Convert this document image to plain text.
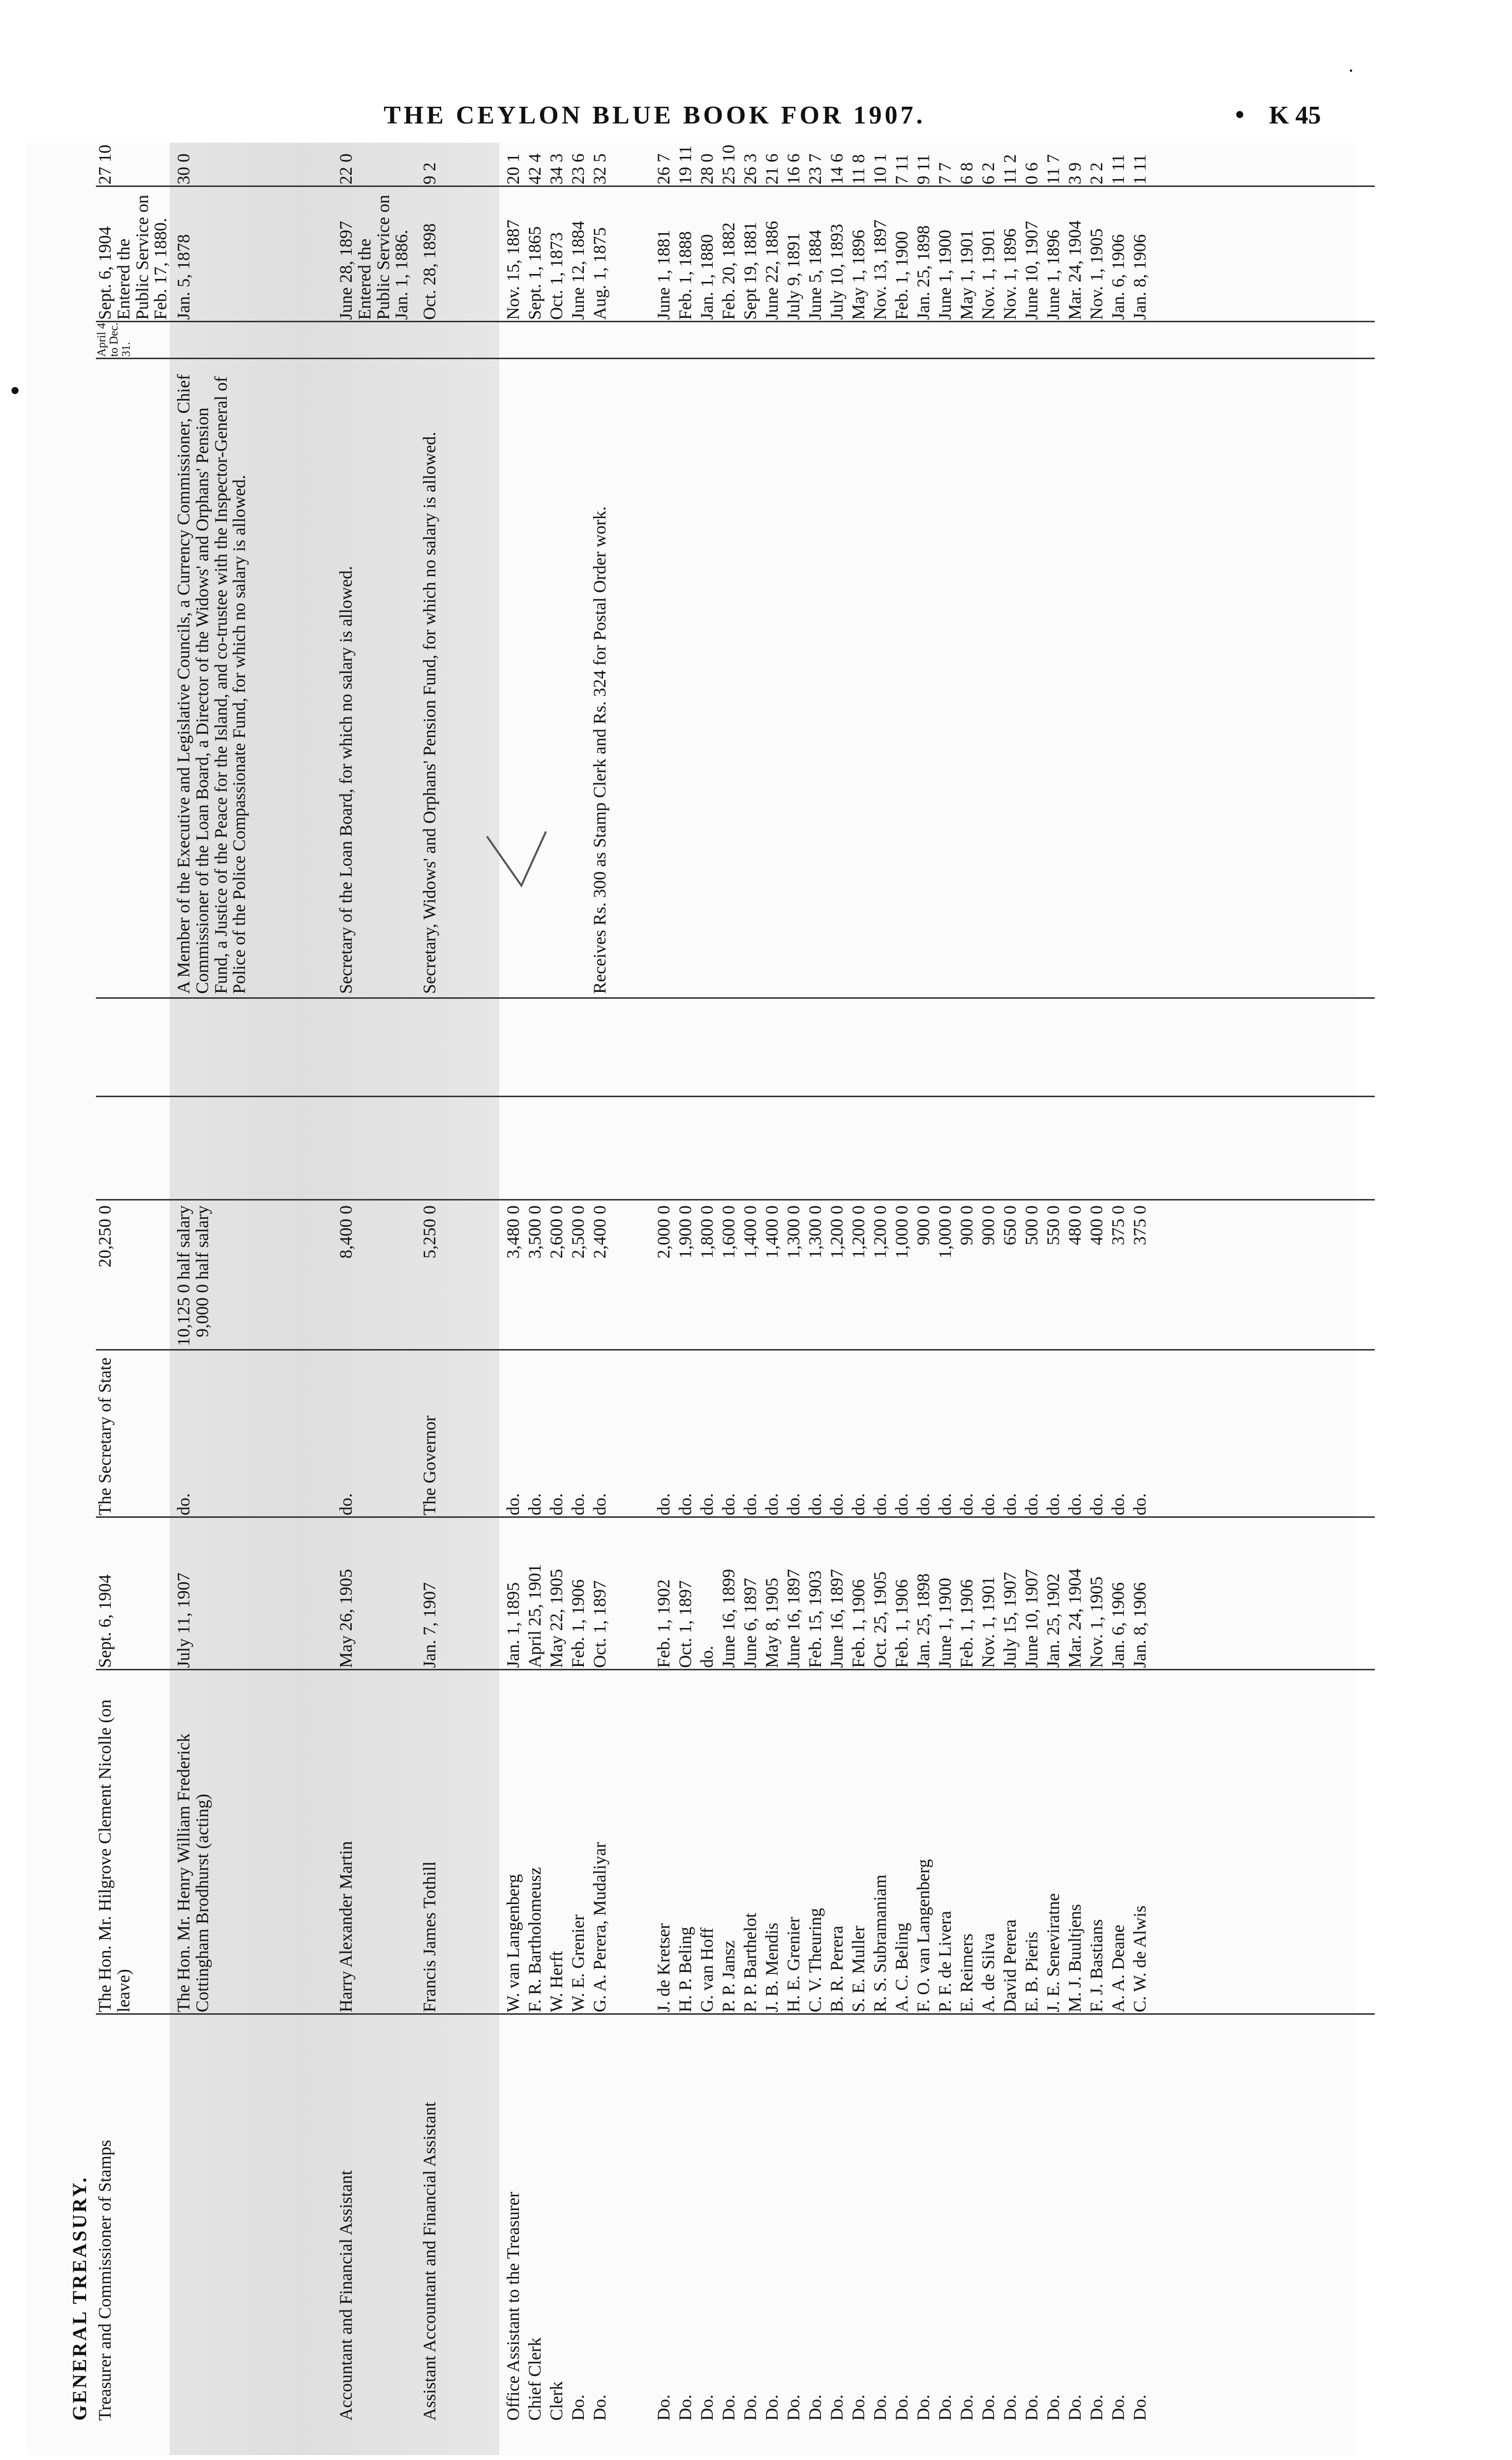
THE CEYLON BLUE BOOK FOR 1907.	• K 45
·
•
GENERAL TREASURY. Treasurer and Commissioner of Stamps
The Hon. Mr. Hilgrove Clement Nicolle (on leave)
Sept. 6, 1904
The Secretary of State
20,250 0
April 4 to Dec. 31.
Sept. 6, 1904 Entered the Public Service on Feb. 17, 1880.
27 10
The Hon. Mr. Henry William Frederick Cottingham Brodhurst (acting)
July 11, 1907
do.
10,125 0 half salary 9,000 0 half salary
A Member of the Executive and Legislative Councils, a Currency Commissioner, Chief Commissioner of the Loan Board, a Director of the Widows' and Orphans' Pension Fund, a Justice of the Peace for the Island, and co-trustee with the Inspector-General of Police of the Police Compassionate Fund, for which no salary is allowed.
Jan. 5, 1878
30 0
Accountant and Financial Assistant
Harry Alexander Martin
May 26, 1905
do.
8,400 0
Secretary of the Loan Board, for which no salary is allowed.
June 28, 1897 Entered the Public Service on Jan. 1, 1886.
22 0
Assistant Accountant and Financial Assistant
Francis James Tothill
Jan. 7, 1907
The Governor
5,250 0
Secretary, Widows' and Orphans' Pension Fund, for which no salary is allowed.
Oct. 28, 1898
9 2
Office Assistant to the Treasurer
W. van Langenberg
Jan. 1, 1895
do.
3,480 0
Nov. 15, 1887
20 1
Chief Clerk
F. R. Bartholomeusz
April 25, 1901
do.
3,500 0
Sept. 1, 1865
42 4
Clerk
W. Herft
May 22, 1905
do.
2,600 0
Oct. 1, 1873
34 3
Do.
W. E. Grenier
Feb. 1, 1906
do.
2,500 0
June 12, 1884
23 6
Do.
G. A. Perera, Mudaliyar
Oct. 1, 1897
do.
2,400 0
Receives Rs. 300 as Stamp Clerk and Rs. 324 for Postal Order work.
Aug. 1, 1875
32 5
Do.
J. de Kretser
Feb. 1, 1902
do.
2,000 0
June 1, 1881
26 7
Do.
H. P. Beling
Oct. 1, 1897
do.
1,900 0
Feb. 1, 1888
19 11
Do.
G. van Hoff
do.
do.
1,800 0
Jan. 1, 1880
28 0
Do.
P. P. Jansz
June 16, 1899
do.
1,600 0
Feb. 20, 1882
25 10
Do.
P. P. Barthelot
June 6, 1897
do.
1,400 0
Sept 19, 1881
26 3
Do.
J. B. Mendis
May 8, 1905
do.
1,400 0
June 22, 1886
21 6
Do.
H. E. Grenier
June 16, 1897
do.
1,300 0
July 9, 1891
16 6
Do.
C. V. Theuring
Feb. 15, 1903
do.
1,300 0
June 5, 1884
23 7
Do.
B. R. Perera
June 16, 1897
do.
1,200 0
July 10, 1893
14 6
Do.
S. E. Muller
Feb. 1, 1906
do.
1,200 0
May 1, 1896
11 8
Do.
R. S. Subramaniam
Oct. 25, 1905
do.
1,200 0
Nov. 13, 1897
10 1
Do.
A. C. Beling
Feb. 1, 1906
do.
1,000 0
Feb. 1, 1900
7 11
Do.
F. O. van Langenberg
Jan. 25, 1898
do.
900 0
Jan. 25, 1898
9 11
Do.
P. F. de Livera
June 1, 1900
do.
1,000 0
June 1, 1900
7 7
Do.
E. Reimers
Feb. 1, 1906
do.
900 0
May 1, 1901
6 8
Do.
A. de Silva
Nov. 1, 1901
do.
900 0
Nov. 1, 1901
6 2
Do.
David Perera
July 15, 1907
do.
650 0
Nov. 1, 1896
11 2
Do.
E. B. Pieris
June 10, 1907
do.
500 0
June 10, 1907
0 6
Do.
J. E. Seneviratne
Jan. 25, 1902
do.
550 0
June 1, 1896
11 7
Do.
M. J. Buultjens
Mar. 24, 1904
do.
480 0
Mar. 24, 1904
3 9
Do.
F. J. Bastians
Nov. 1, 1905
do.
400 0
Nov. 1, 1905
2 2
Do.
A. A. Deane
Jan. 6, 1906
do.
375 0
Jan. 6, 1906
1 11
Do.
C. W. de Alwis
Jan. 8, 1906
do.
375 0
Jan. 8, 1906
1 11
